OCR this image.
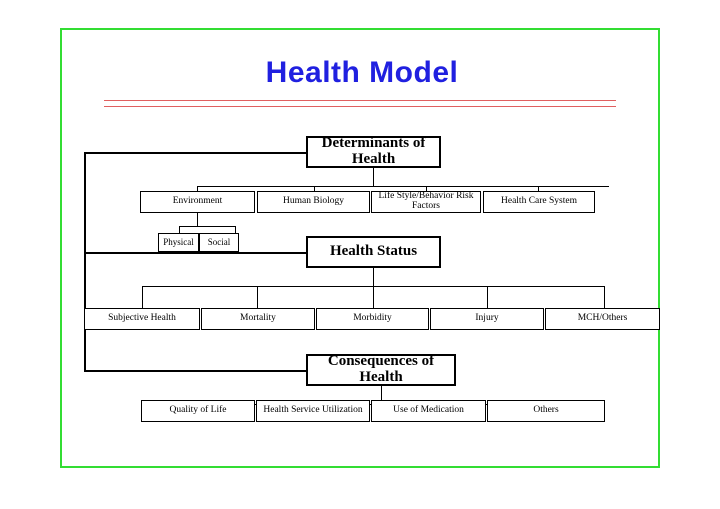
Health Model
Determinants of Health
Environment	Human Biology	Life Style/Behavior Risk Factors	Health Care System
Physical	Social
Health Status
Subjective Health	Mortality	Morbidity	Injury	MCH/Others
Consequences of Health
Quality of Life	Health Service Utilization	Use of Medication	Others
